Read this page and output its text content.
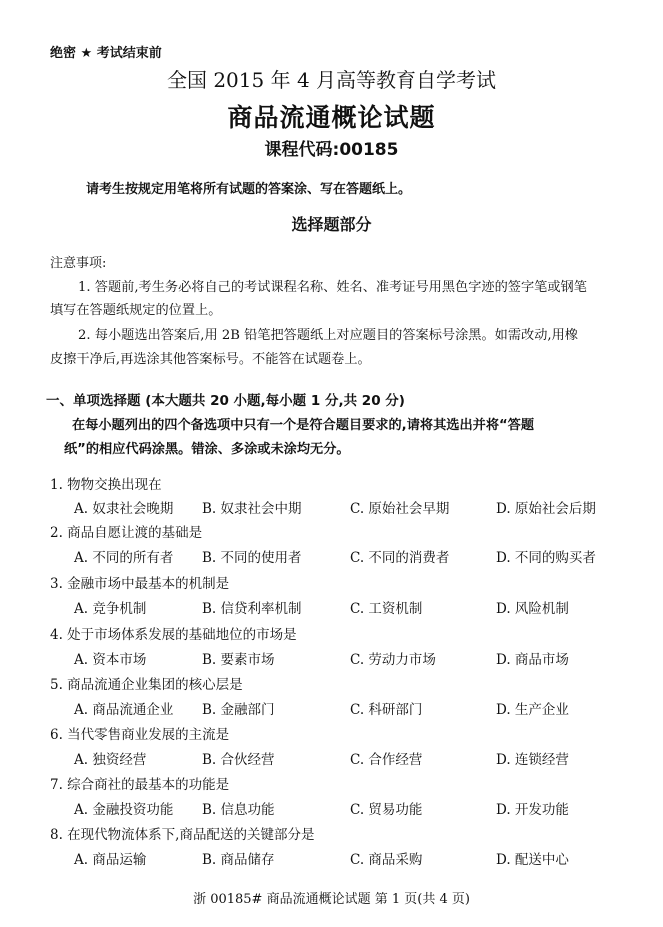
绝密 ★ 考试结束前
全国 2015 年 4 月高等教育自学考试
商品流通概论试题
课程代码:00185
请考生按规定用笔将所有试题的答案涂、写在答题纸上。
选择题部分
注意事项:
1. 答题前,考生务必将自己的考试课程名称、姓名、准考证号用黑色字迹的签字笔或钢笔
填写在答题纸规定的位置上。
2. 每小题选出答案后,用 2B 铅笔把答题纸上对应题目的答案标号涂黑。如需改动,用橡
皮擦干净后,再选涂其他答案标号。不能答在试题卷上。
一、单项选择题 (本大题共 20 小题,每小题 1 分,共 20 分)
在每小题列出的四个备选项中只有一个是符合题目要求的,请将其选出并将“答题
纸”的相应代码涂黑。错涂、多涂或未涂均无分。
1. 物物交换出现在
A. 奴隶社会晚期 B. 奴隶社会中期	C. 原始社会早期	D. 原始社会后期
2. 商品自愿让渡的基础是
A. 不同的所有者 B. 不同的使用者	C. 不同的消费者	D. 不同的购买者
3. 金融市场中最基本的机制是
A. 竞争机制	B. 信贷利率机制	C. 工资机制	D. 风险机制
4. 处于市场体系发展的基础地位的市场是
A. 资本市场	B. 要素市场	C. 劳动力市场	D. 商品市场
5. 商品流通企业集团的核心层是
A. 商品流通企业 B. 金融部门	C. 科研部门	D. 生产企业
6. 当代零售商业发展的主流是
A. 独资经营	B. 合伙经营	C. 合作经营	D. 连锁经营
7. 综合商社的最基本的功能是
A. 金融投资功能 B. 信息功能	C. 贸易功能	D. 开发功能
8. 在现代物流体系下,商品配送的关键部分是
A. 商品运输	B. 商品储存	C. 商品采购	D. 配送中心
浙 00185# 商品流通概论试题 第 1 页(共 4 页)
